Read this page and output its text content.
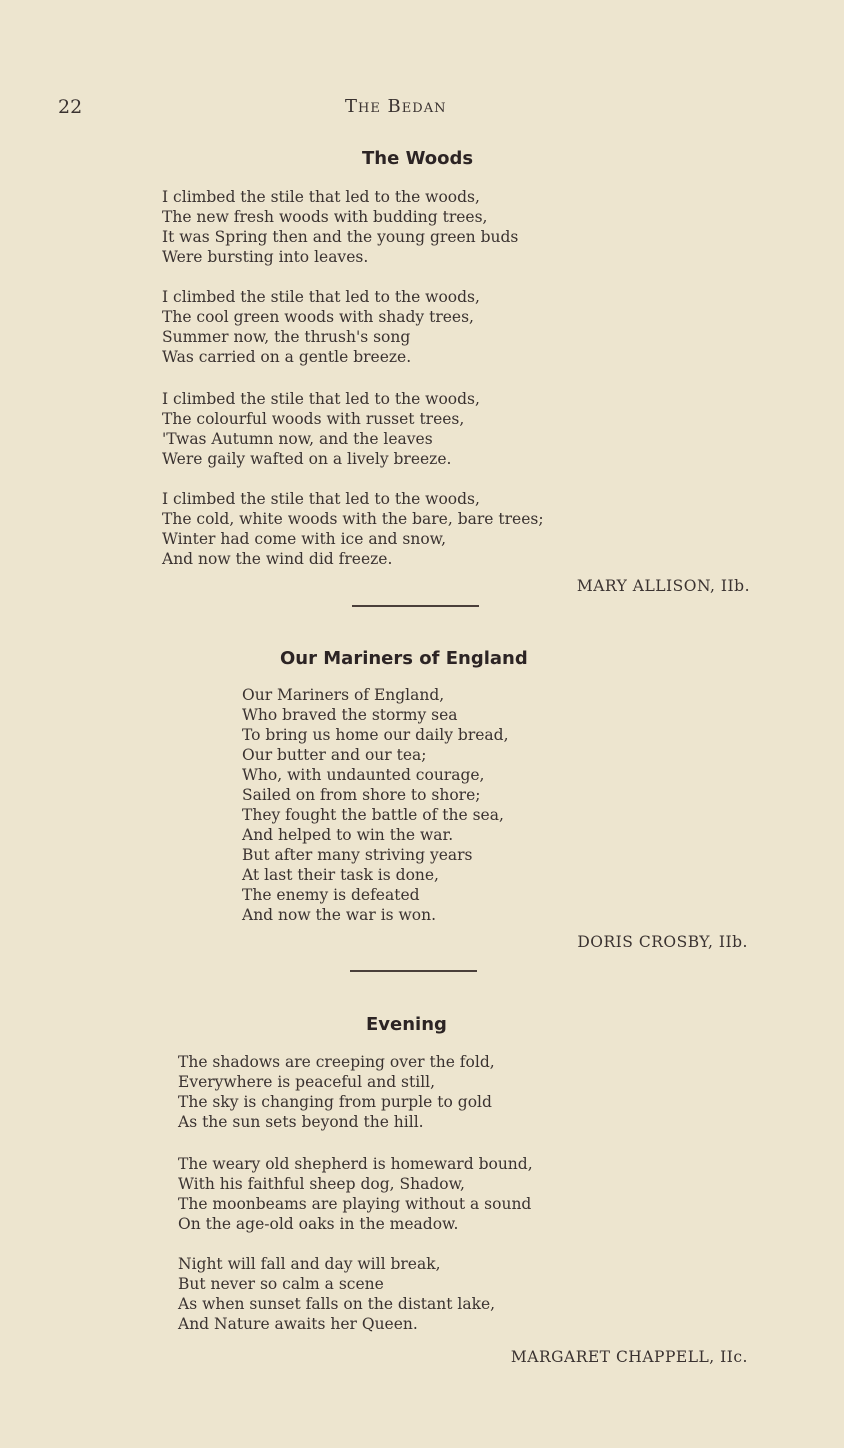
22	The Bedan
The Woods
I climbed the stile that led to the woods,
The new fresh woods with budding trees,
It was Spring then and the young green buds
Were bursting into leaves.
I climbed the stile that led to the woods,
The cool green woods with shady trees,
Summer now, the thrush's song
Was carried on a gentle breeze.
I climbed the stile that led to the woods,
The colourful woods with russet trees,
'Twas Autumn now, and the leaves
Were gaily wafted on a lively breeze.
I climbed the stile that led to the woods,
The cold, white woods with the bare, bare trees;
Winter had come with ice and snow,
And now the wind did freeze.
MARY ALLISON, IIb.
Our Mariners of England
Our Mariners of England,
Who braved the stormy sea
To bring us home our daily bread,
Our butter and our tea;
Who, with undaunted courage,
Sailed on from shore to shore;
They fought the battle of the sea,
And helped to win the war.
But after many striving years
At last their task is done,
The enemy is defeated
And now the war is won.
DORIS CROSBY, IIb.
Evening
The shadows are creeping over the fold,
Everywhere is peaceful and still,
The sky is changing from purple to gold
As the sun sets beyond the hill.
The weary old shepherd is homeward bound,
With his faithful sheep dog, Shadow,
The moonbeams are playing without a sound
On the age-old oaks in the meadow.
Night will fall and day will break,
But never so calm a scene
As when sunset falls on the distant lake,
And Nature awaits her Queen.
MARGARET CHAPPELL, IIc.
